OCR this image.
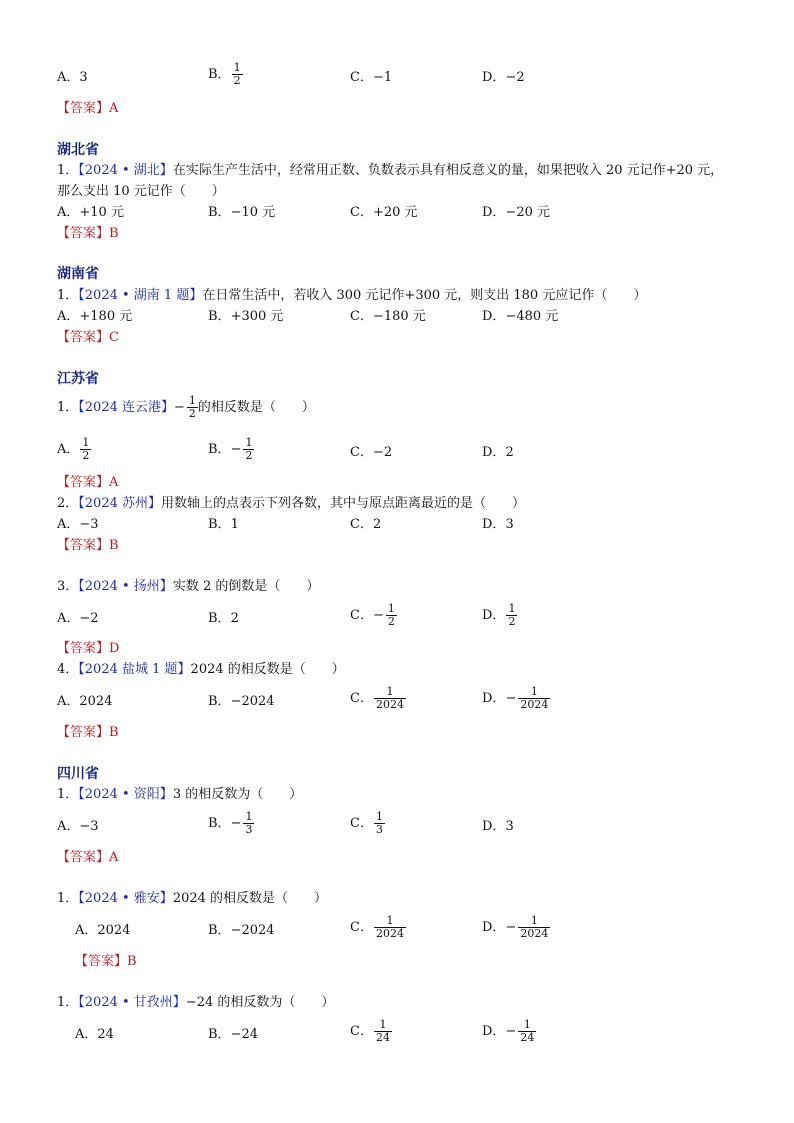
A．3	B． $\frac{1}{2}$	C．−1	D．−2
【答案】A
湖北省
1．【2024 • 湖北】在实际生产生活中，经常用正数、负数表示具有相反意义的量，如果把收入 20 元记作+20 元，
那么支出 10 元记作（　　）
A．+10 元	B．−10 元	C．+20 元	D．−20 元
【答案】B
湖南省
1．【2024 • 湖南 1 题】在日常生活中，若收入 300 元记作+300 元，则支出 180 元应记作（　　）
A．+180 元	B．+300 元	C．−180 元	D．−480 元
【答案】C
江苏省
1．【2024 连云港】− $\frac{1}{2}$ 的相反数是（　　）
A． $\frac{1}{2}$	B．− $\frac{1}{2}$	C．−2	D．2
【答案】A
2．【2024 苏州】用数轴上的点表示下列各数，其中与原点距离最近的是（　　）
A．−3	B．1	C．2	D．3
【答案】B
3．【2024 • 扬州】实数 2 的倒数是（　　）
A．−2	B．2	C．− $\frac{1}{2}$	D． $\frac{1}{2}$
【答案】D
4．【2024 盐城 1 题】2024 的相反数是（　　）
A．2024	B．−2024	C． $\frac{1}{2024}$	D．− $\frac{1}{2024}$
【答案】B
四川省
1．【2024 • 资阳】3 的相反数为（　　）
A．−3	B．− $\frac{1}{3}$	C． $\frac{1}{3}$	D．3
【答案】A
1．【2024 • 雅安】2024 的相反数是（　　）
A．2024	B．−2024	C． $\frac{1}{2024}$	D．− $\frac{1}{2024}$
【答案】B
1．【2024 • 甘孜州】−24 的相反数为（　　）
A．24	B．−24	C． $\frac{1}{24}$	D．− $\frac{1}{24}$
